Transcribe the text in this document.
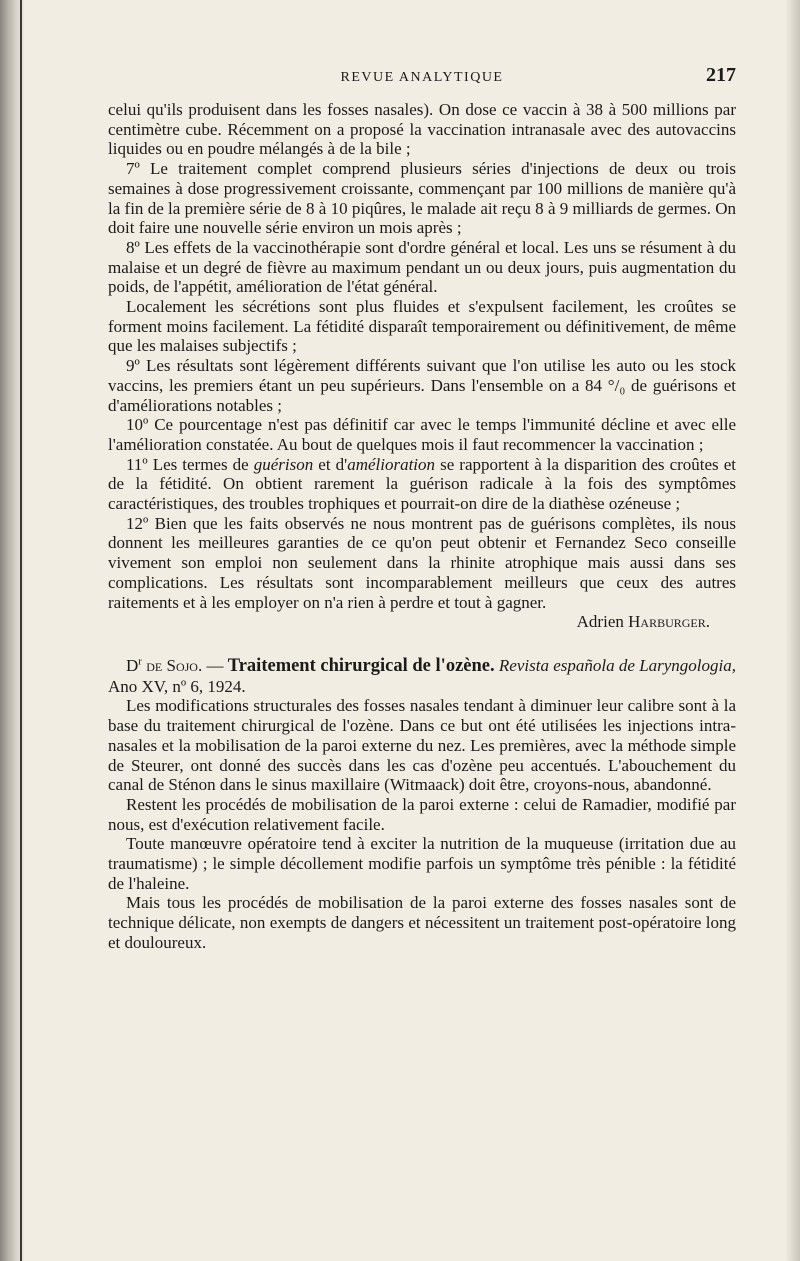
REVUE ANALYTIQUE	217

celui qu'ils produisent dans les fosses nasales). On dose ce vaccin à 38 à 500 millions par centimètre cube. Récemment on a proposé la vaccination intranasale avec des autovaccins liquides ou en poudre mélangés à de la bile ;

7º Le traitement complet comprend plusieurs séries d'injections de deux ou trois semaines à dose progressivement croissante, commençant par 100 millions de manière qu'à la fin de la première série de 8 à 10 piqûres, le malade ait reçu 8 à 9 milliards de germes. On doit faire une nouvelle série environ un mois après ;

8º Les effets de la vaccinothérapie sont d'ordre général et local. Les uns se résument à du malaise et un degré de fièvre au maximum pendant un ou deux jours, puis augmentation du poids, de l'appétit, amélioration de l'état général.

Localement les sécrétions sont plus fluides et s'expulsent facilement, les croûtes se forment moins facilement. La fétidité disparaît temporairement ou définitivement, de même que les malaises subjectifs ;

9º Les résultats sont légèrement différents suivant que l'on utilise les auto ou les stock vaccins, les premiers étant un peu supérieurs. Dans l'ensemble on a 84 °/₀ de guérisons et d'améliorations notables ;

10º Ce pourcentage n'est pas définitif car avec le temps l'immunité décline et avec elle l'amélioration constatée. Au bout de quelques mois il faut recommencer la vaccination ;

11º Les termes de guérison et d'amélioration se rapportent à la disparition des croûtes et de la fétidité. On obtient rarement la guérison radicale à la fois des symptômes caractéristiques, des troubles trophiques et pourrait-on dire de la diathèse ozéneuse ;

12º Bien que les faits observés ne nous montrent pas de guérisons complètes, ils nous donnent les meilleures garanties de ce qu'on peut obtenir et Fernandez Seco conseille vivement son emploi non seulement dans la rhinite atrophique mais aussi dans ses complications. Les résultats sont incomparablement meilleurs que ceux des autres raitements et à les employer on n'a rien à perdre et tout à gagner.

Adrien Harburger.

$D^r$ de Sojo. — Traitement chirurgical de l'ozène. Revista española de Laryngologia, Ano XV, nº 6, 1924.

Les modifications structurales des fosses nasales tendant à diminuer leur calibre sont à la base du traitement chirurgical de l'ozène. Dans ce but ont été utilisées les injections intra-nasales et la mobilisation de la paroi externe du nez. Les premières, avec la méthode simple de Steurer, ont donné des succès dans les cas d'ozène peu accentués. L'abouchement du canal de Sténon dans le sinus maxillaire (Witmaack) doit être, croyons-nous, abandonné.

Restent les procédés de mobilisation de la paroi externe : celui de Ramadier, modifié par nous, est d'exécution relativement facile.

Toute manœuvre opératoire tend à exciter la nutrition de la muqueuse (irritation due au traumatisme) ; le simple décollement modifie parfois un symptôme très pénible : la fétidité de l'haleine.

Mais tous les procédés de mobilisation de la paroi externe des fosses nasales sont de technique délicate, non exempts de dangers et nécessitent un traitement post-opératoire long et douloureux.
